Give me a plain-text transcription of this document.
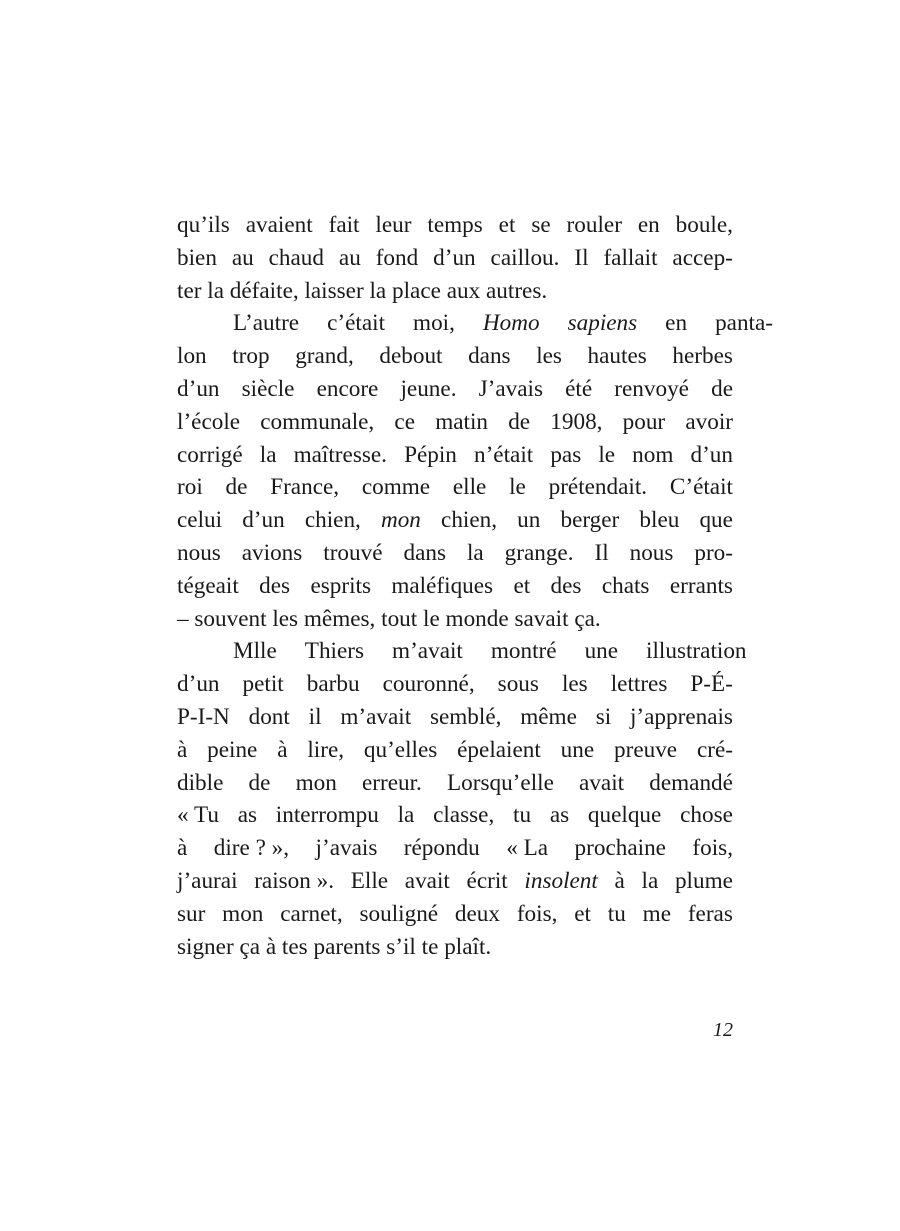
qu’ils avaient fait leur temps et se rouler en boule,
bien au chaud au fond d’un caillou. Il fallait accep-
ter la défaite, laisser la place aux autres.

L’autre	c’était	moi,	Homo	sapiens	en	panta-
lon trop grand, debout dans les hautes herbes
d’un siècle encore jeune. J’avais été renvoyé de
l’école communale, ce matin de 1908, pour avoir
corrigé la maîtresse. Pépin n’était pas le nom d’un
roi de France, comme elle le prétendait. C’était
celui d’un chien, mon chien, un berger bleu que
nous avions trouvé dans la grange. Il nous pro-
tégeait des esprits maléfiques et des chats errants
– souvent les mêmes, tout le monde savait ça.

Mlle	Thiers	m’avait	montré	une	illustration
d’un petit barbu couronné, sous les lettres P-É-
P-I-N dont il m’avait semblé, même si j’apprenais
à peine à lire, qu’elles épelaient une preuve cré-
dible de mon erreur. Lorsqu’elle avait demandé
« Tu as interrompu la classe, tu as quelque chose
à dire ? », j’avais répondu « La prochaine fois,
j’aurai raison ». Elle avait écrit insolent à la plume
sur mon carnet, souligné deux fois, et tu me feras
signer ça à tes parents s’il te plaît.

12
